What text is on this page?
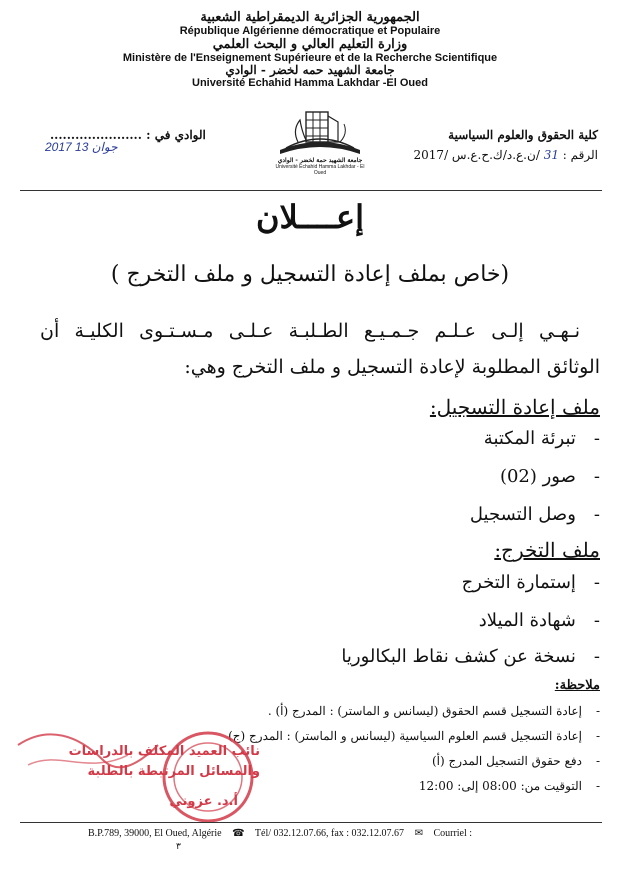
الجمهورية الجزائرية الديمقراطية الشعبية
République Algérienne démocratique et Populaire
وزارة التعليم العالي و البحث العلمي
Ministère de l'Enseignement Supérieure et de la Recherche Scientifique
جامعة الشهيد حمه لخضر - الوادي
Université Echahid Hamma Lakhdar -El Oued
جامعة الشهيد حمة لخضر - الوادي
Université Echahid Hamma Lakhdar - El Oued
كلية الحقوق والعلوم السياسية
الرقم : 31 /ن.ع.د/ك.ح.ع.س /2017
الوادي في : ......................
2017 جوان 13
إعــــلان
(خاص بملف إعادة التسجيل و ملف التخرج )
نـهـي إلـى عـلـم جـمـيـع الطـلبـة عـلـى مـسـتـوى الكليـة أن
الوثائق المطلوبة لإعادة التسجيل و ملف التخرج وهي:
ملف إعادة التسجيل:
-تبرئة المكتبة
-صور (02)
-وصل التسجيل
ملف التخرج:
-إستمارة التخرج
-شهادة الميلاد
-نسخة عن كشف نقاط البكالوريا
ملاحظة:
-إعادة التسجيل قسم الحقوق (ليسانس و الماستر) : المدرج (أ) .
-إعادة التسجيل قسم العلوم السياسية (ليسانس و الماستر) : المدرج (ج)
-دفع حقوق التسجيل المدرج (أ)
-التوقيت من: 08:00 إلى: 12:00
نائب العميد المكلف بالدراسات
والمسائل المرتبطة بالطلبة
أ.د. عزوني
B.P.789, 39000, El Oued, Algérie ☎ Tél/ 032.12.07.66, fax : 032.12.07.67 ✉ Courriel :
٣
